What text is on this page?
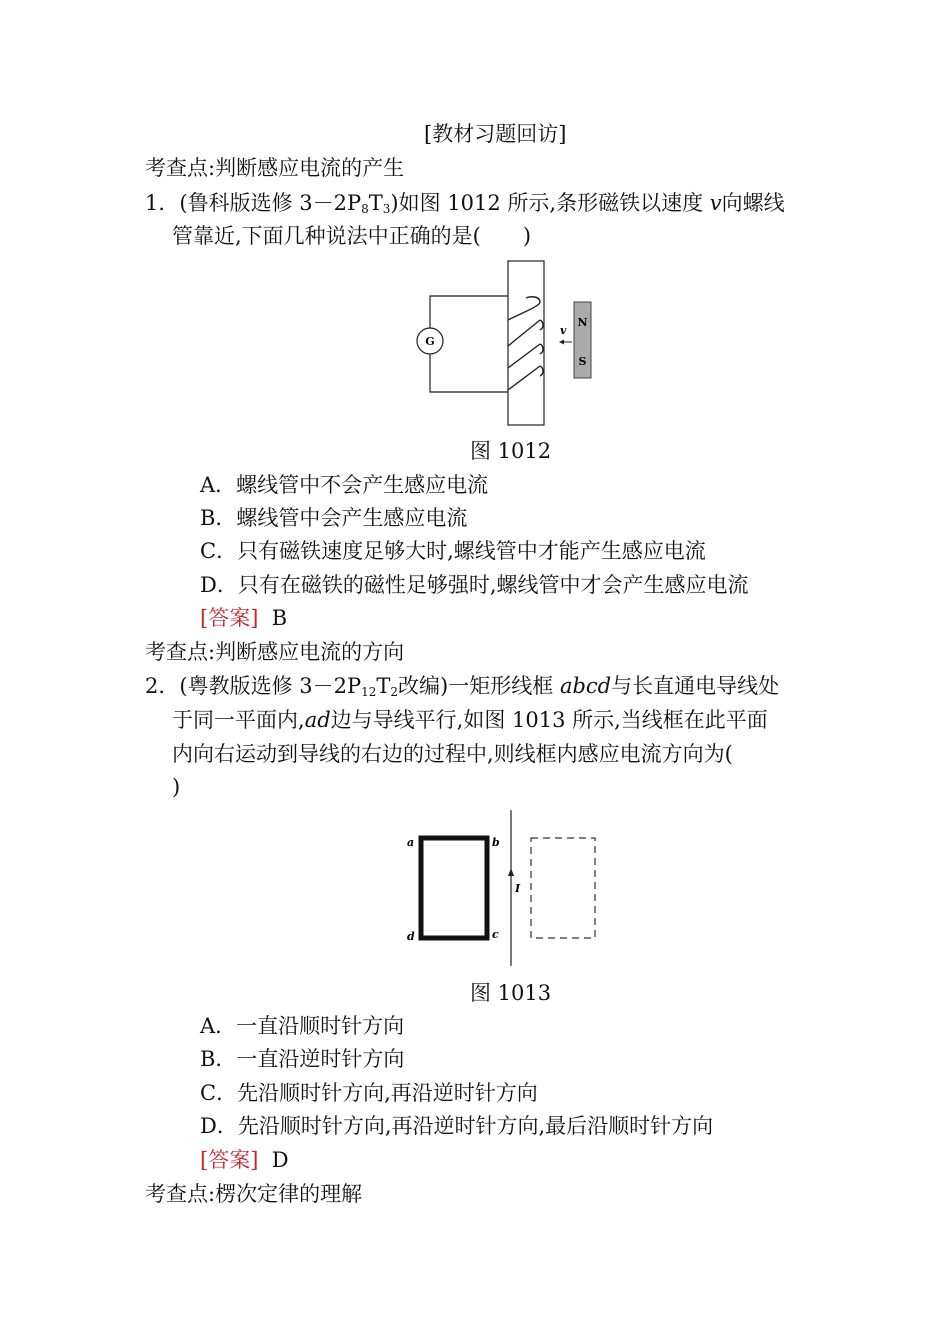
[教材习题回访]
考查点:判断感应电流的产生
1．(鲁科版选修 $3-2P_8T_3$)如图 1012 所示,条形磁铁以速度 v向螺线
管靠近,下面几种说法中正确的是(　　)
G
v
N
S
图 1012
A．螺线管中不会产生感应电流
B．螺线管中会产生感应电流
C．只有磁铁速度足够大时,螺线管中才能产生感应电流
D．只有在磁铁的磁性足够强时,螺线管中才会产生感应电流
[答案] B
考查点:判断感应电流的方向
2．(粤教版选修 $3-2P_{12}T_2$改编)一矩形线框 abcd与长直通电导线处
于同一平面内,ad边与导线平行,如图 1013 所示,当线框在此平面
内向右运动到导线的右边的过程中,则线框内感应电流方向为(
)
a	b
c
d
I
图 1013
A．一直沿顺时针方向
B．一直沿逆时针方向
C．先沿顺时针方向,再沿逆时针方向
D．先沿顺时针方向,再沿逆时针方向,最后沿顺时针方向
[答案] D
考查点:楞次定律的理解
